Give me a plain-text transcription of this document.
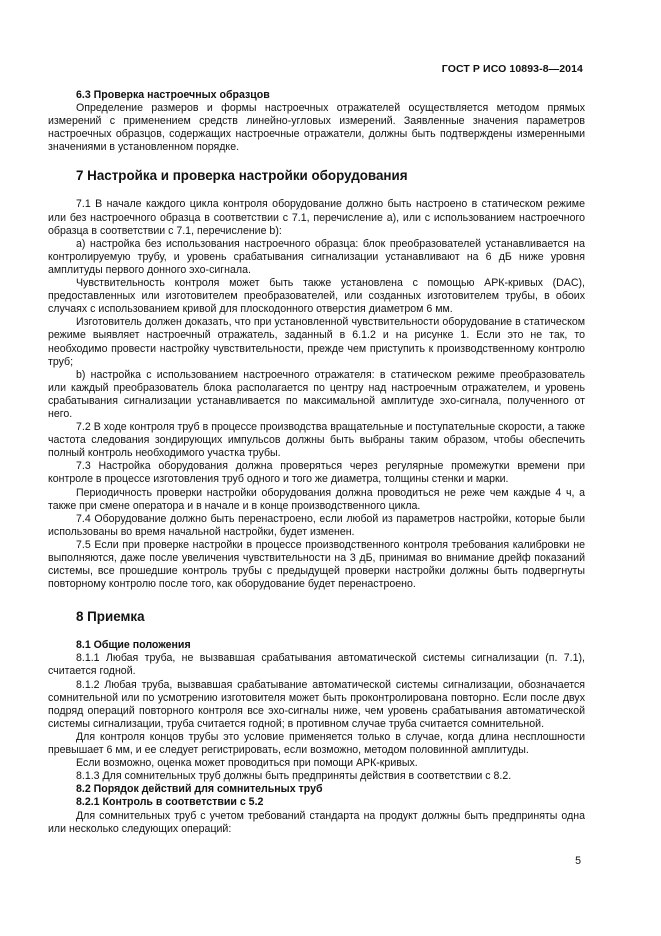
ГОСТ Р ИСО 10893-8—2014

6.3 Проверка настроечных образцов

Определение размеров и формы настроечных отражателей осуществляется методом прямых измерений с применением средств линейно-угловых измерений. Заявленные значения параметров настроечных образцов, содержащих настроечные отражатели, должны быть подтверждены измеренными значениями в установленном порядке.

7 Настройка и проверка настройки оборудования

7.1 В начале каждого цикла контроля оборудование должно быть настроено в статическом режиме или без настроечного образца в соответствии с 7.1, перечисление a), или с использованием настроечного образца в соответствии с 7.1, перечисление b):

a) настройка без использования настроечного образца: блок преобразователей устанавливается на контролируемую трубу, и уровень срабатывания сигнализации устанавливают на 6 дБ ниже уровня амплитуды первого донного эхо-сигнала.

Чувствительность контроля может быть также установлена с помощью АРК-кривых (DAC), предоставленных или изготовителем преобразователей, или созданных изготовителем трубы, в обоих случаях с использованием кривой для плоскодонного отверстия диаметром 6 мм.

Изготовитель должен доказать, что при установленной чувствительности оборудование в статическом режиме выявляет настроечный отражатель, заданный в 6.1.2 и на рисунке 1. Если это не так, то необходимо провести настройку чувствительности, прежде чем приступить к производственному контролю труб;

b) настройка с использованием настроечного отражателя: в статическом режиме преобразователь или каждый преобразователь блока располагается по центру над настроечным отражателем, и уровень срабатывания сигнализации устанавливается по максимальной амплитуде эхо-сигнала, полученного от него.

7.2 В ходе контроля труб в процессе производства вращательные и поступательные скорости, а также частота следования зондирующих импульсов должны быть выбраны таким образом, чтобы обеспечить полный контроль необходимого участка трубы.

7.3 Настройка оборудования должна проверяться через регулярные промежутки времени при контроле в процессе изготовления труб одного и того же диаметра, толщины стенки и марки.

Периодичность проверки настройки оборудования должна проводиться не реже чем каждые 4 ч, а также при смене оператора и в начале и в конце производственного цикла.

7.4 Оборудование должно быть перенастроено, если любой из параметров настройки, которые были использованы во время начальной настройки, будет изменен.

7.5 Если при проверке настройки в процессе производственного контроля требования калибровки не выполняются, даже после увеличения чувствительности на 3 дБ, принимая во внимание дрейф показаний системы, все прошедшие контроль трубы с предыдущей проверки настройки должны быть подвергнуты повторному контролю после того, как оборудование будет перенастроено.

8 Приемка

8.1 Общие положения

8.1.1 Любая труба, не вызвавшая срабатывания автоматической системы сигнализации (п. 7.1), считается годной.

8.1.2 Любая труба, вызвавшая срабатывание автоматической системы сигнализации, обозначается сомнительной или по усмотрению изготовителя может быть проконтролирована повторно. Если после двух подряд операций повторного контроля все эхо-сигналы ниже, чем уровень срабатывания автоматической системы сигнализации, труба считается годной; в противном случае труба считается сомнительной.

Для контроля концов трубы это условие применяется только в случае, когда длина несплошности превышает 6 мм, и ее следует регистрировать, если возможно, методом половинной амплитуды.

Если возможно, оценка может проводиться при помощи АРК-кривых.

8.1.3 Для сомнительных труб должны быть предприняты действия в соответствии с 8.2.

8.2 Порядок действий для сомнительных труб

8.2.1 Контроль в соответствии с 5.2

Для сомнительных труб с учетом требований стандарта на продукт должны быть предприняты одна или несколько следующих операций:

5
